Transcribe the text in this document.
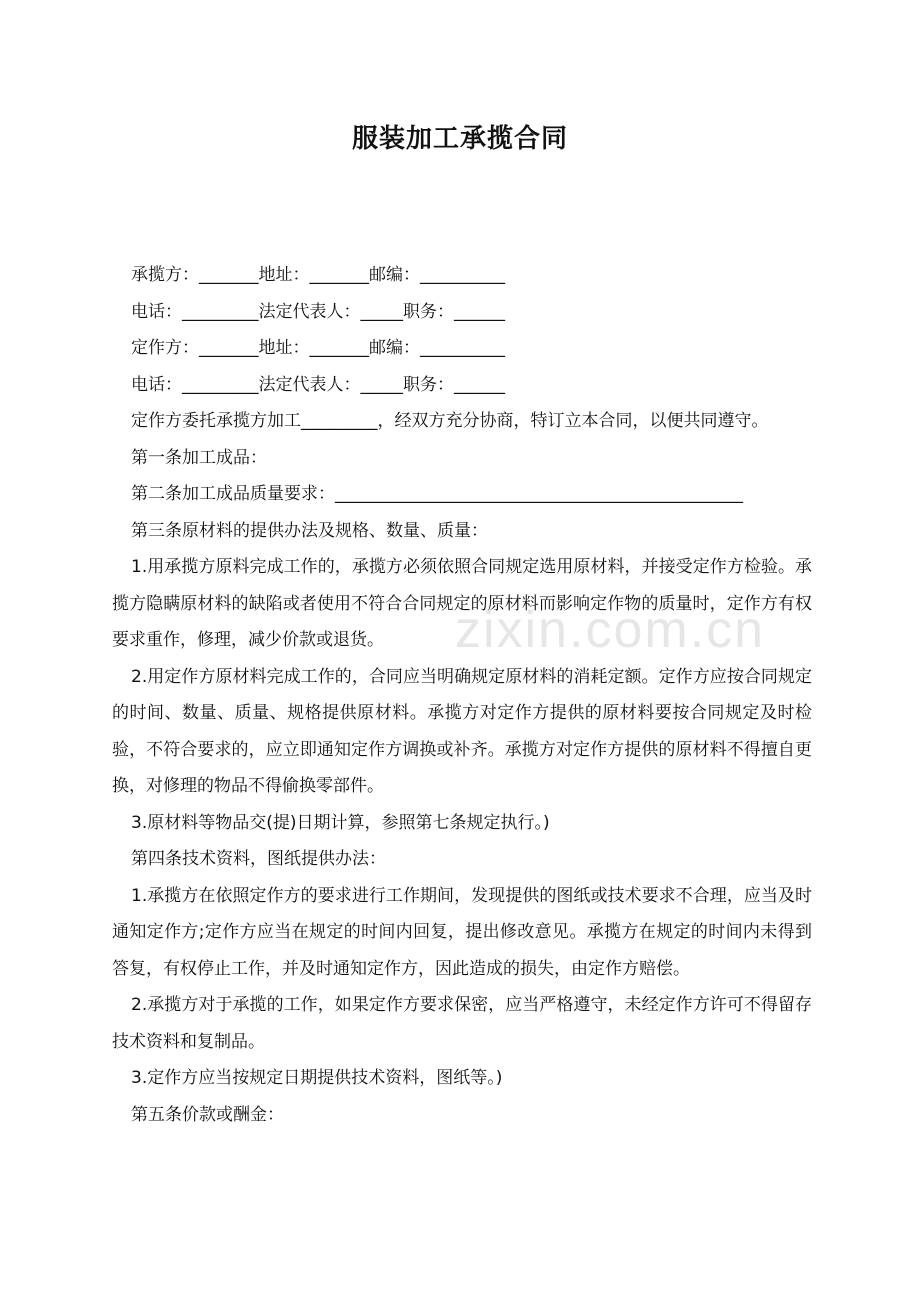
zixin.com.cn
服装加工承揽合同

承揽方：_______地址：_______邮编：__________

电话：_________法定代表人：_____职务：______

定作方：_______地址：_______邮编：__________

电话：_________法定代表人：_____职务：______

定作方委托承揽方加工_________，经双方充分协商，特订立本合同，以便共同遵守。

第一条加工成品：

第二条加工成品质量要求：________________________________________________

第三条原材料的提供办法及规格、数量、质量：

1.用承揽方原料完成工作的，承揽方必须依照合同规定选用原材料，并接受定作方检验。承揽方隐瞒原材料的缺陷或者使用不符合合同规定的原材料而影响定作物的质量时，定作方有权要求重作，修理，减少价款或退货。

2.用定作方原材料完成工作的，合同应当明确规定原材料的消耗定额。定作方应按合同规定的时间、数量、质量、规格提供原材料。承揽方对定作方提供的原材料要按合同规定及时检验，不符合要求的，应立即通知定作方调换或补齐。承揽方对定作方提供的原材料不得擅自更换，对修理的物品不得偷换零部件。

3.原材料等物品交(提)日期计算，参照第七条规定执行。)

第四条技术资料，图纸提供办法：

1.承揽方在依照定作方的要求进行工作期间，发现提供的图纸或技术要求不合理，应当及时通知定作方;定作方应当在规定的时间内回复，提出修改意见。承揽方在规定的时间内未得到答复，有权停止工作，并及时通知定作方，因此造成的损失，由定作方赔偿。

2.承揽方对于承揽的工作，如果定作方要求保密，应当严格遵守，未经定作方许可不得留存技术资料和复制品。

3.定作方应当按规定日期提供技术资料，图纸等。)

第五条价款或酬金：
